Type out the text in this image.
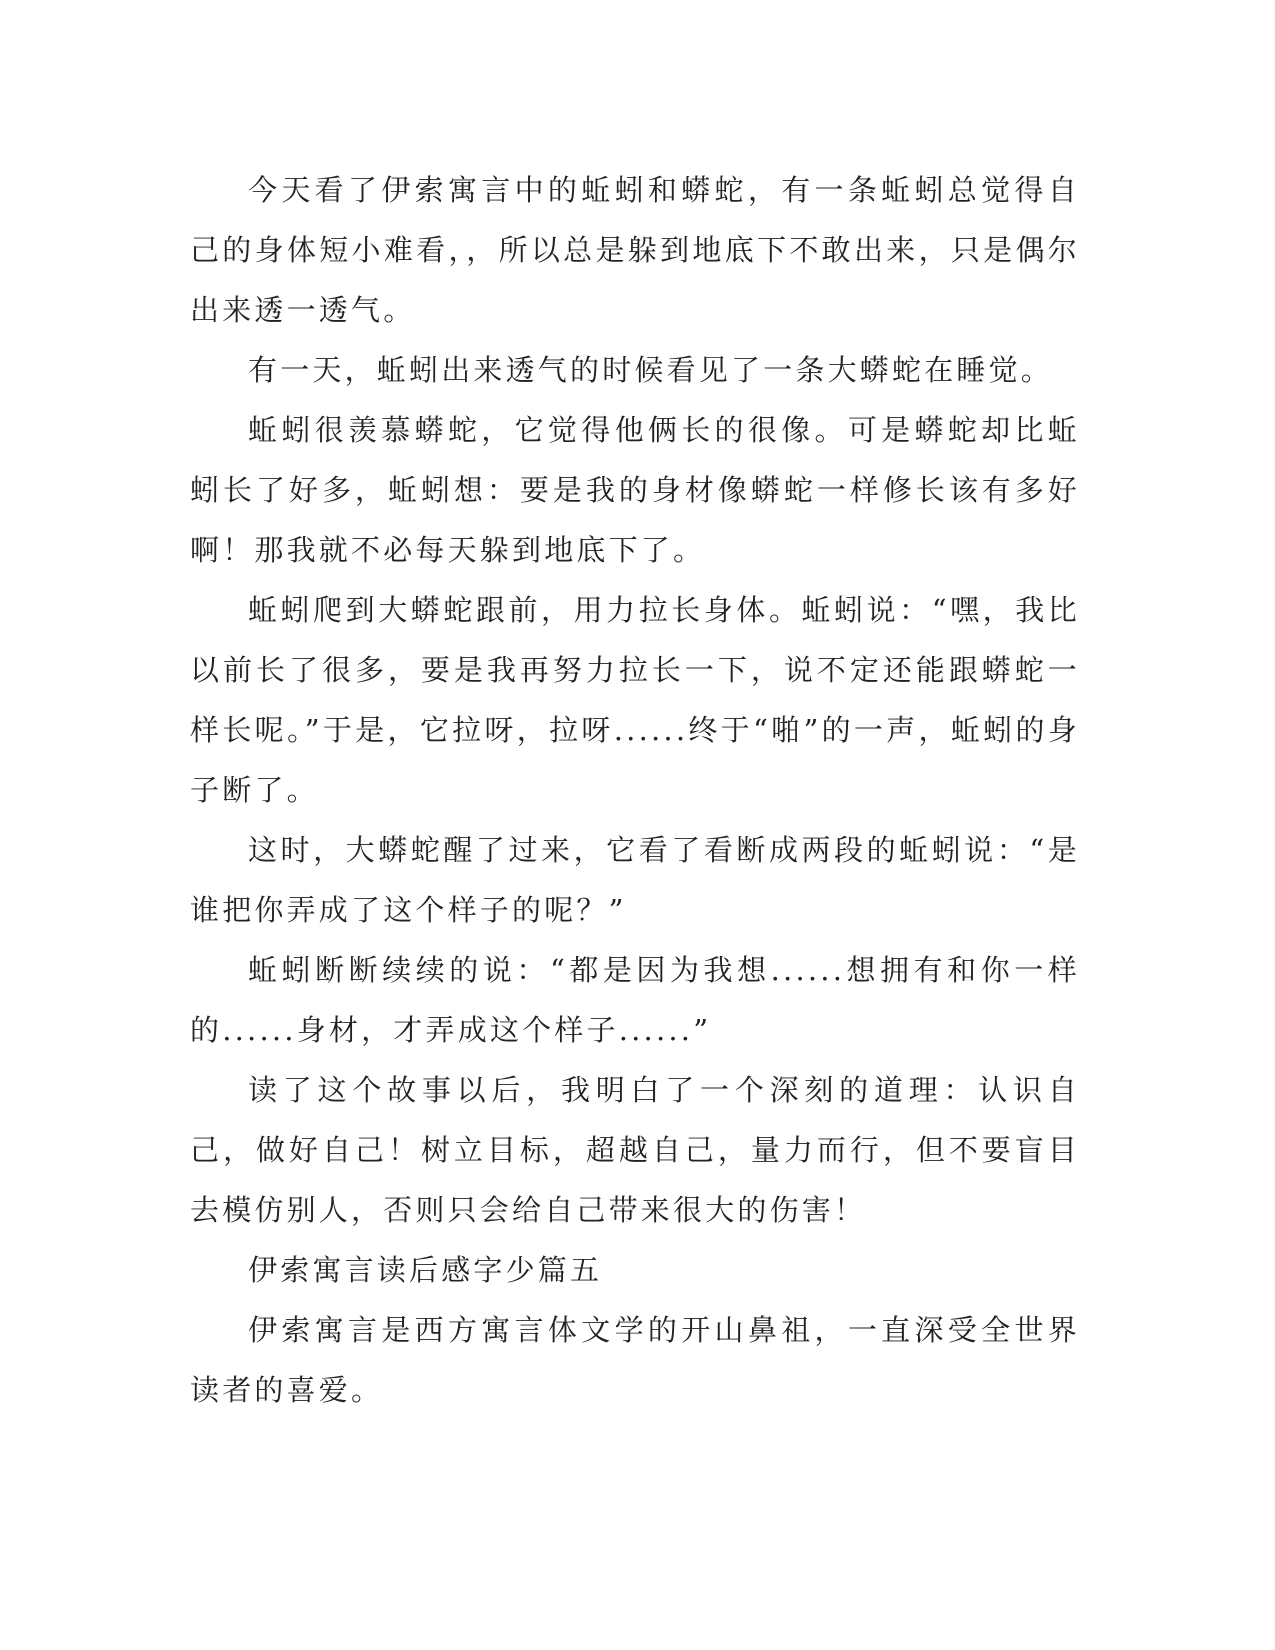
今天看了伊索寓言中的蚯蚓和蟒蛇，有一条蚯蚓总觉得自己的身体短小难看，，所以总是躲到地底下不敢出来，只是偶尔出来透一透气。

有一天，蚯蚓出来透气的时候看见了一条大蟒蛇在睡觉。

蚯蚓很羡慕蟒蛇，它觉得他俩长的很像。可是蟒蛇却比蚯蚓长了好多，蚯蚓想：要是我的身材像蟒蛇一样修长该有多好啊！那我就不必每天躲到地底下了。

蚯蚓爬到大蟒蛇跟前，用力拉长身体。蚯蚓说：“嘿，我比以前长了很多，要是我再努力拉长一下，说不定还能跟蟒蛇一样长呢。”于是，它拉呀，拉呀......终于“啪”的一声，蚯蚓的身子断了。

这时，大蟒蛇醒了过来，它看了看断成两段的蚯蚓说：“是谁把你弄成了这个样子的呢？”

蚯蚓断断续续的说：“都是因为我想......想拥有和你一样的......身材，才弄成这个样子......”

读了这个故事以后，我明白了一个深刻的道理：认识自己，做好自己！树立目标，超越自己，量力而行，但不要盲目去模仿别人，否则只会给自己带来很大的伤害！

伊索寓言读后感字少篇五

伊索寓言是西方寓言体文学的开山鼻祖，一直深受全世界读者的喜爱。
